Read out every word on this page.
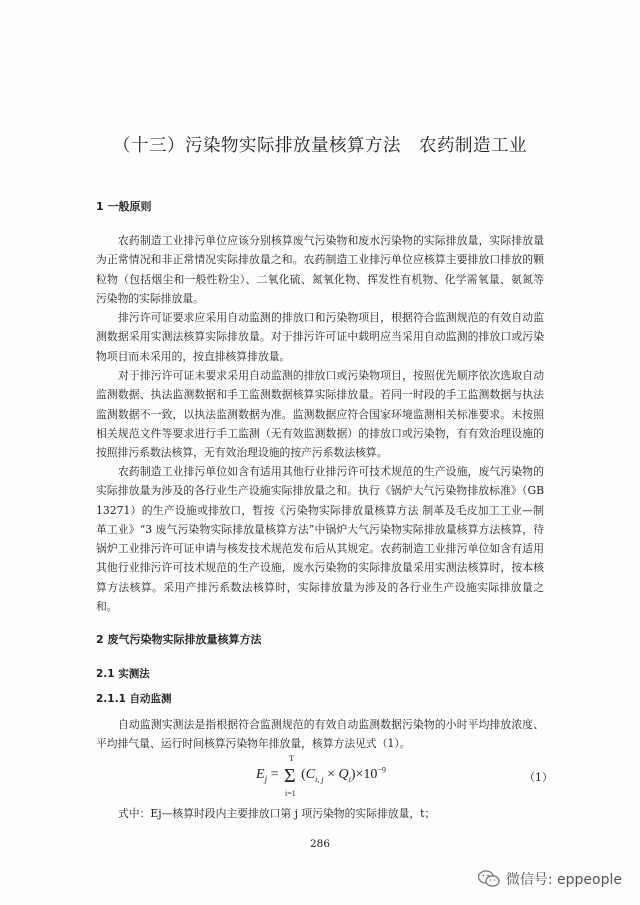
（十三）污染物实际排放量核算方法　农药制造工业
1 一般原则

农药制造工业排污单位应该分别核算废气污染物和废水污染物的实际排放量，实际排放量为正常情况和非正常情况实际排放量之和。农药制造工业排污单位应核算主要排放口排放的颗粒物（包括烟尘和一般性粉尘）、二氧化硫、氮氧化物、挥发性有机物、化学需氧量、氨氮等污染物的实际排放量。

排污许可证要求应采用自动监测的排放口和污染物项目，根据符合监测规范的有效自动监测数据采用实测法核算实际排放量。对于排污许可证中载明应当采用自动监测的排放口或污染物项目而未采用的，按直排核算排放量。

对于排污许可证未要求采用自动监测的排放口或污染物项目，按照优先顺序依次选取自动监测数据、执法监测数据和手工监测数据核算实际排放量。若同一时段的手工监测数据与执法监测数据不一致，以执法监测数据为准。监测数据应符合国家环境监测相关标准要求。未按照相关规范文件等要求进行手工监测（无有效监测数据）的排放口或污染物，有有效治理设施的按照排污系数法核算，无有效治理设施的按产污系数法核算。

农药制造工业排污单位如含有适用其他行业排污许可技术规范的生产设施，废气污染物的实际排放量为涉及的各行业生产设施实际排放量之和。执行《锅炉大气污染物排放标准》（GB 13271）的生产设施或排放口，暂按《污染物实际排放量核算方法 制革及毛皮加工工业—制革工业》“3 废气污染物实际排放量核算方法”中锅炉大气污染物实际排放量核算方法核算，待锅炉工业排污许可证申请与核发技术规范发布后从其规定。农药制造工业排污单位如含有适用其他行业排污许可技术规范的生产设施，废水污染物的实际排放量采用实测法核算时，按本核算方法核算。采用产排污系数法核算时，实际排放量为涉及的各行业生产设施实际排放量之和。

2 废气污染物实际排放量核算方法
2.1 实测法
2.1.1 自动监测

自动监测实测法是指根据符合监测规范的有效自动监测数据污染物的小时平均排放浓度、平均排气量、运行时间核算污染物年排放量，核算方法见式（1）。

$E_j = \Sigma$
T
i=1
$(C_{i, j} \times Q_i)\times 10^{-9}$
（1）

式中：Ej—核算时段内主要排放口第 j 项污染物的实际排放量，t；

286
微信号: eppeople
